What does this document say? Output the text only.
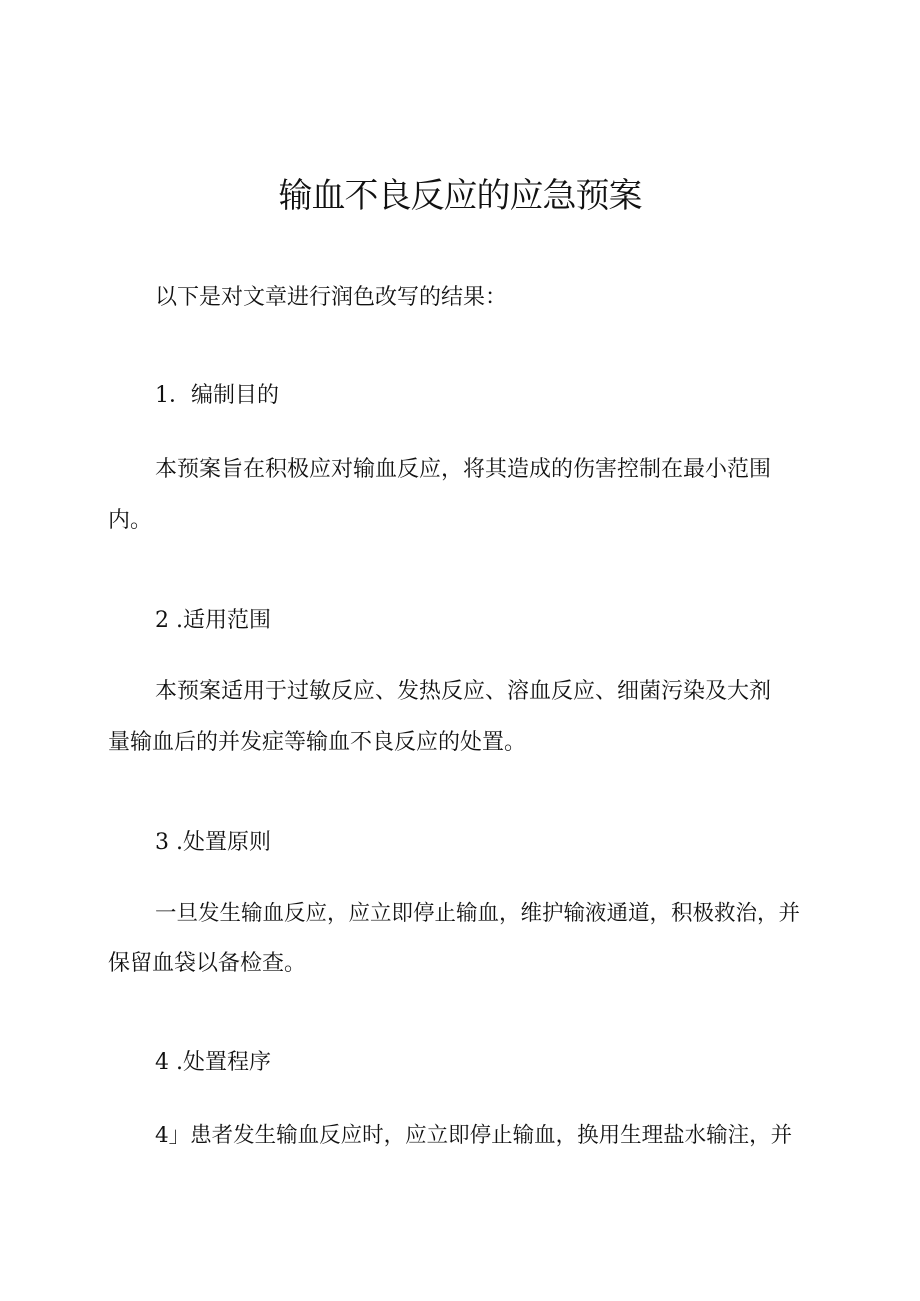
输血不良反应的应急预案

以下是对文章进行润色改写的结果：

1．编制目的

本预案旨在积极应对输血反应，将其造成的伤害控制在最小范围

内。

2 .适用范围

本预案适用于过敏反应、发热反应、溶血反应、细菌污染及大剂

量输血后的并发症等输血不良反应的处置。

3 .处置原则

一旦发生输血反应，应立即停止输血，维护输液通道，积极救治，并

保留血袋以备检查。

4 .处置程序

4」患者发生输血反应时，应立即停止输血，换用生理盐水输注，并
